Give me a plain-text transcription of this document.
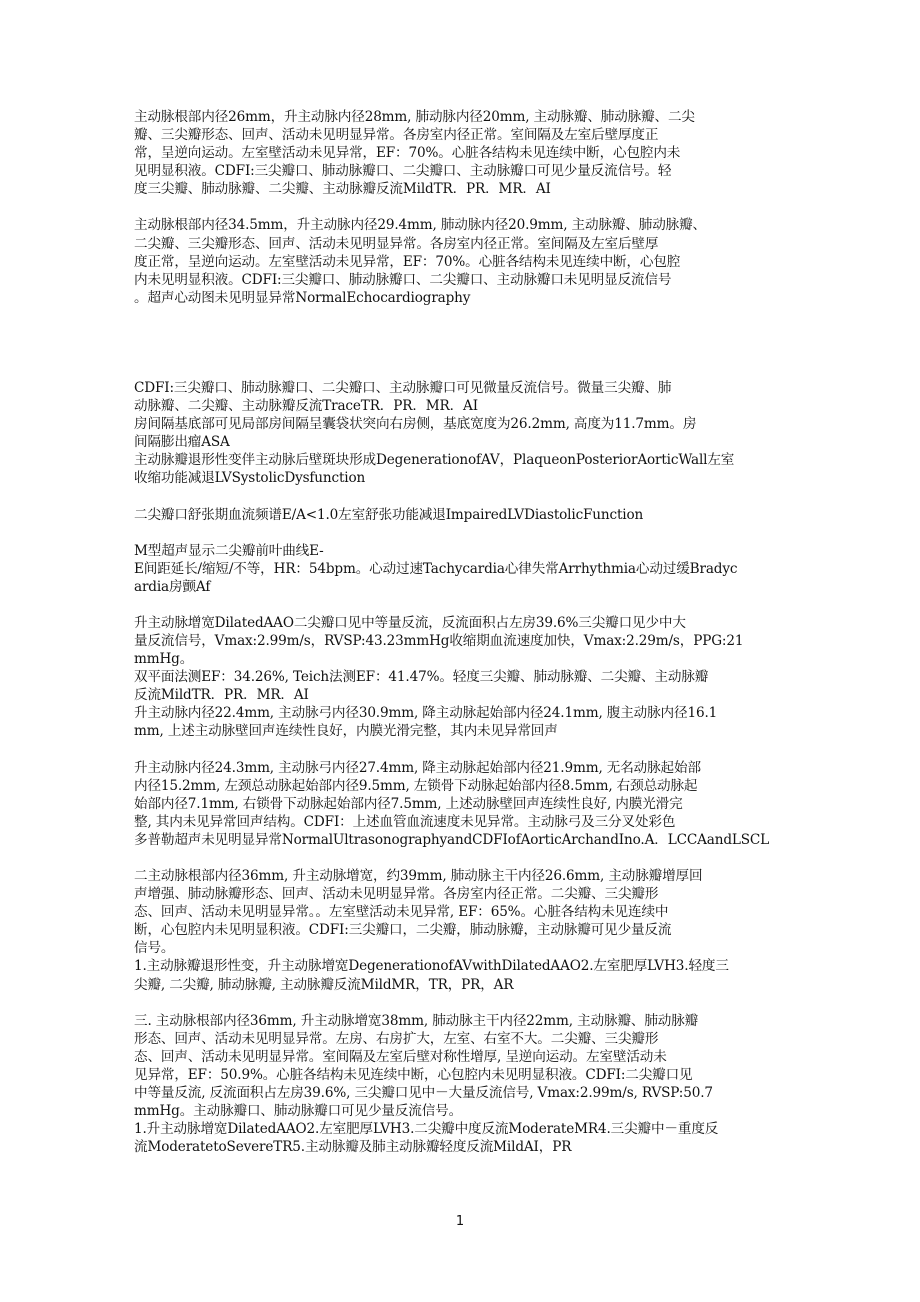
主动脉根部内径26mm，升主动脉内径28mm, 肺动脉内径20mm, 主动脉瓣、肺动脉瓣、二尖
瓣、三尖瓣形态、回声、活动未见明显异常。各房室内径正常。室间隔及左室后壁厚度正
常，呈逆向运动。左室壁活动未见异常，EF：70%。心脏各结构未见连续中断，心包腔内未
见明显积液。CDFI:三尖瓣口、肺动脉瓣口、二尖瓣口、主动脉瓣口可见少量反流信号。轻
度三尖瓣、肺动脉瓣、二尖瓣、主动脉瓣反流MildTR．PR．MR．AI

主动脉根部内径34.5mm，升主动脉内径29.4mm, 肺动脉内径20.9mm, 主动脉瓣、肺动脉瓣、
二尖瓣、三尖瓣形态、回声、活动未见明显异常。各房室内径正常。室间隔及左室后壁厚
度正常，呈逆向运动。左室壁活动未见异常，EF：70%。心脏各结构未见连续中断，心包腔
内未见明显积液。CDFI:三尖瓣口、肺动脉瓣口、二尖瓣口、主动脉瓣口未见明显反流信号
。超声心动图未见明显异常NormalEchocardiography

CDFI:三尖瓣口、肺动脉瓣口、二尖瓣口、主动脉瓣口可见微量反流信号。微量三尖瓣、肺
动脉瓣、二尖瓣、主动脉瓣反流TraceTR．PR．MR．AI
房间隔基底部可见局部房间隔呈囊袋状突向右房侧，基底宽度为26.2mm, 高度为11.7mm。房
间隔膨出瘤ASA
主动脉瓣退形性变伴主动脉后壁斑块形成DegenerationofAV，PlaqueonPosteriorAorticWall左室
收缩功能减退LVSystolicDysfunction

二尖瓣口舒张期血流频谱E/A<1.0左室舒张功能减退ImpairedLVDiastolicFunction

M型超声显示二尖瓣前叶曲线E-
E间距延长/缩短/不等，HR：54bpm。心动过速Tachycardia心律失常Arrhythmia心动过缓Bradyc
ardia房颤Af

升主动脉增宽DilatedAAO二尖瓣口见中等量反流，反流面积占左房39.6%三尖瓣口见少中大
量反流信号，Vmax:2.99m/s，RVSP:43.23mmHg收缩期血流速度加快，Vmax:2.29m/s，PPG:21
mmHg。
双平面法测EF：34.26%, Teich法测EF：41.47%。轻度三尖瓣、肺动脉瓣、二尖瓣、主动脉瓣
反流MildTR．PR．MR．AI
升主动脉内径22.4mm, 主动脉弓内径30.9mm, 降主动脉起始部内径24.1mm, 腹主动脉内径16.1
mm, 上述主动脉壁回声连续性良好，内膜光滑完整，其内未见异常回声

升主动脉内径24.3mm, 主动脉弓内径27.4mm, 降主动脉起始部内径21.9mm, 无名动脉起始部
内径15.2mm, 左颈总动脉起始部内径9.5mm, 左锁骨下动脉起始部内径8.5mm, 右颈总动脉起
始部内径7.1mm, 右锁骨下动脉起始部内径7.5mm, 上述动脉壁回声连续性良好, 内膜光滑完
整, 其内未见异常回声结构。CDFI：上述血管血流速度未见异常。主动脉弓及三分叉处彩色
多普勒超声未见明显异常NormalUltrasonographyandCDFIofAorticArchandIno.A．LCCAandLSCL

二主动脉根部内径36mm, 升主动脉增宽，约39mm, 肺动脉主干内径26.6mm, 主动脉瓣增厚回
声增强、肺动脉瓣形态、回声、活动未见明显异常。各房室内径正常。二尖瓣、三尖瓣形
态、回声、活动未见明显异常。。左室壁活动未见异常, EF：65%。心脏各结构未见连续中
断，心包腔内未见明显积液。CDFI:三尖瓣口，二尖瓣，肺动脉瓣，主动脉瓣可见少量反流
信号。
1.主动脉瓣退形性变，升主动脉增宽DegenerationofAVwithDilatedAAO2.左室肥厚LVH3.轻度三
尖瓣, 二尖瓣, 肺动脉瓣, 主动脉瓣反流MildMR，TR，PR，AR

三. 主动脉根部内径36mm, 升主动脉增宽38mm, 肺动脉主干内径22mm, 主动脉瓣、肺动脉瓣
形态、回声、活动未见明显异常。左房、右房扩大，左室、右室不大。二尖瓣、三尖瓣形
态、回声、活动未见明显异常。室间隔及左室后壁对称性增厚, 呈逆向运动。左室壁活动未
见异常，EF：50.9%。心脏各结构未见连续中断，心包腔内未见明显积液。CDFI:二尖瓣口见
中等量反流, 反流面积占左房39.6%, 三尖瓣口见中－大量反流信号, Vmax:2.99m/s, RVSP:50.7
mmHg。主动脉瓣口、肺动脉瓣口可见少量反流信号。
1.升主动脉增宽DilatedAAO2.左室肥厚LVH3.二尖瓣中度反流ModerateMR4.三尖瓣中－重度反
流ModeratetoSevereTR5.主动脉瓣及肺主动脉瓣轻度反流MildAI，PR

1
